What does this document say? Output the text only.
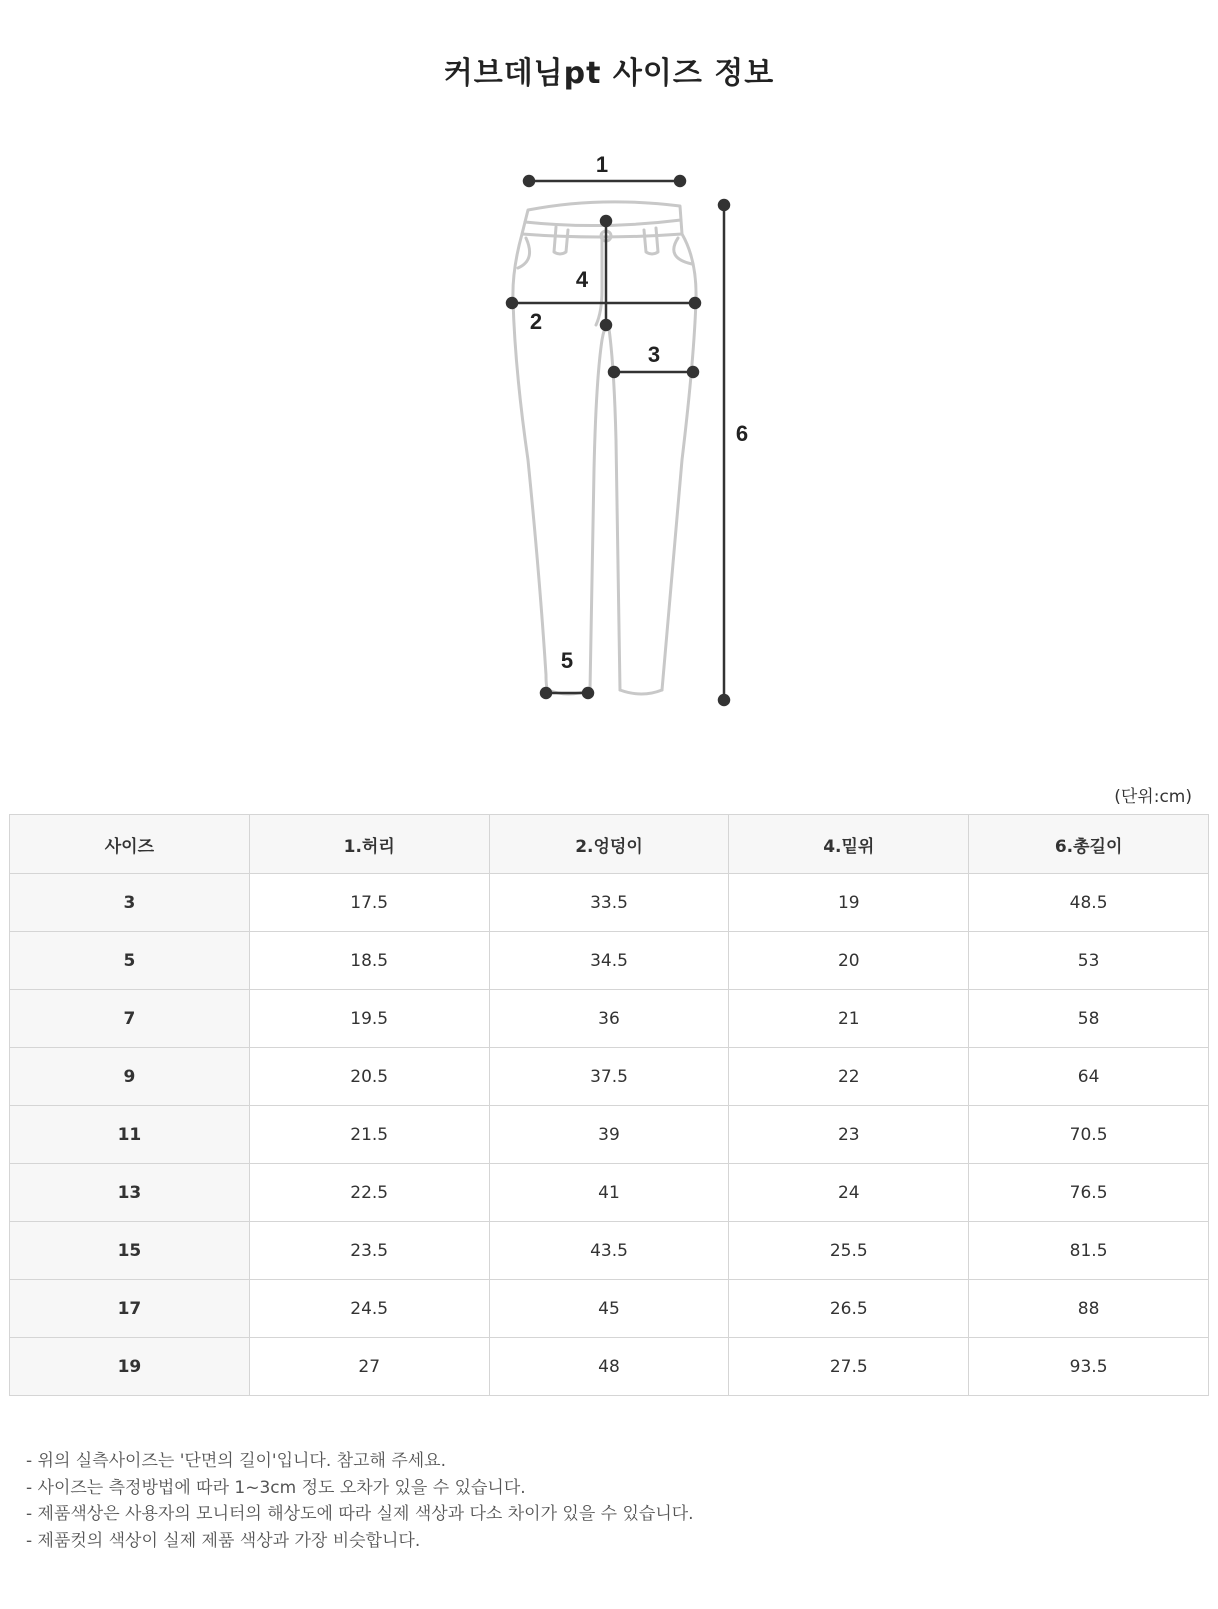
커브데님pt 사이즈 정보
1
2
3
4
5
6
(단위:cm)
사이즈	1.허리	2.엉덩이	4.밑위	6.총길이
3	17.5	33.5	19	48.5
5	18.5	34.5	20	53
7	19.5	36	21	58
9	20.5	37.5	22	64
11	21.5	39	23	70.5
13	22.5	41	24	76.5
15	23.5	43.5	25.5	81.5
17	24.5	45	26.5	88
19	27	48	27.5	93.5
- 위의 실측사이즈는 '단면의 길이'입니다. 참고해 주세요.
- 사이즈는 측정방법에 따라 1~3cm 정도 오차가 있을 수 있습니다.
- 제품색상은 사용자의 모니터의 해상도에 따라 실제 색상과 다소 차이가 있을 수 있습니다.
- 제품컷의 색상이 실제 제품 색상과 가장 비슷합니다.
